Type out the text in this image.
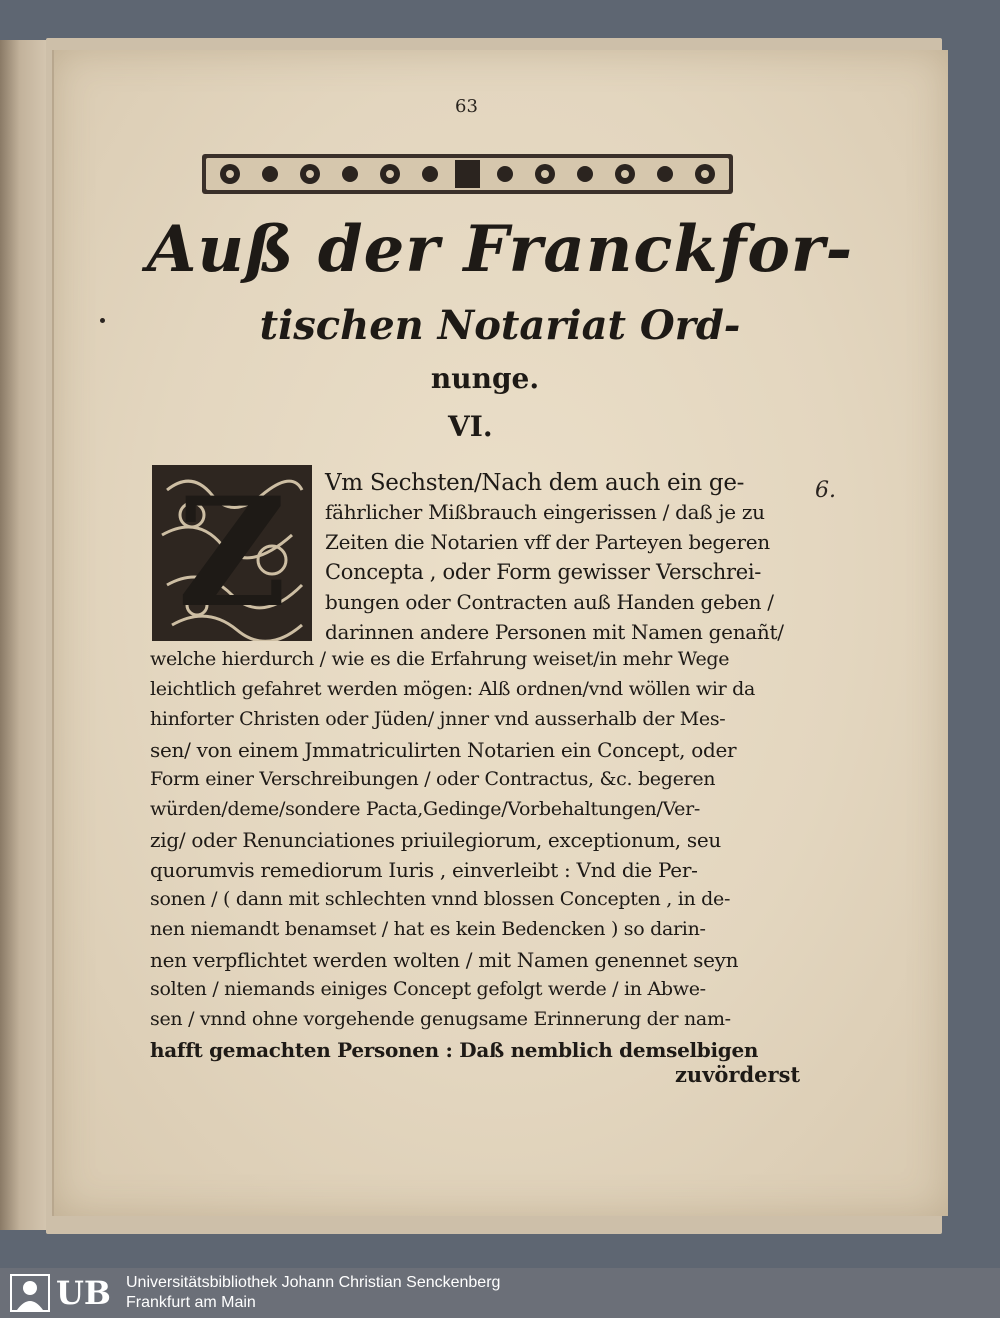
63
Auß der Franckfor-
tischen Notariat Ord-
nunge.
VI.
Z	6.
Vm Sechsten/Nach dem auch ein ge-
fährlicher Mißbrauch eingerissen / daß je zu
Zeiten die Notarien vff der Parteyen begeren
Concepta , oder Form gewisser Verschrei-
bungen oder Contracten auß Handen geben /
darinnen andere Personen mit Namen genañt/
welche hierdurch / wie es die Erfahrung weiset/in mehr Wege
leichtlich gefahret werden mögen: Alß ordnen/vnd wöllen wir da
hinforter Christen oder Jüden/ jnner vnd ausserhalb der Mes-
sen/ von einem Jmmatriculirten Notarien ein Concept, oder
Form einer Verschreibungen / oder Contractus, &c. begeren
würden/deme/sondere Pacta,Gedinge/Vorbehaltungen/Ver-
zig/ oder Renunciationes priuilegiorum, exceptionum, seu
quorumvis remediorum Iuris , einverleibt : Vnd die Per-
sonen / ( dann mit schlechten vnnd blossen Concepten , in de-
nen niemandt benamset / hat es kein Bedencken ) so darin-
nen verpflichtet werden wolten / mit Namen genennet seyn
solten / niemands einiges Concept gefolgt werde / in Abwe-
sen / vnnd ohne vorgehende genugsame Erinnerung der nam-
hafft gemachten Personen : Daß nemblich demselbigen
zuvörderst
UB Universitätsbibliothek Johann Christian Senckenberg
Frankfurt am Main
